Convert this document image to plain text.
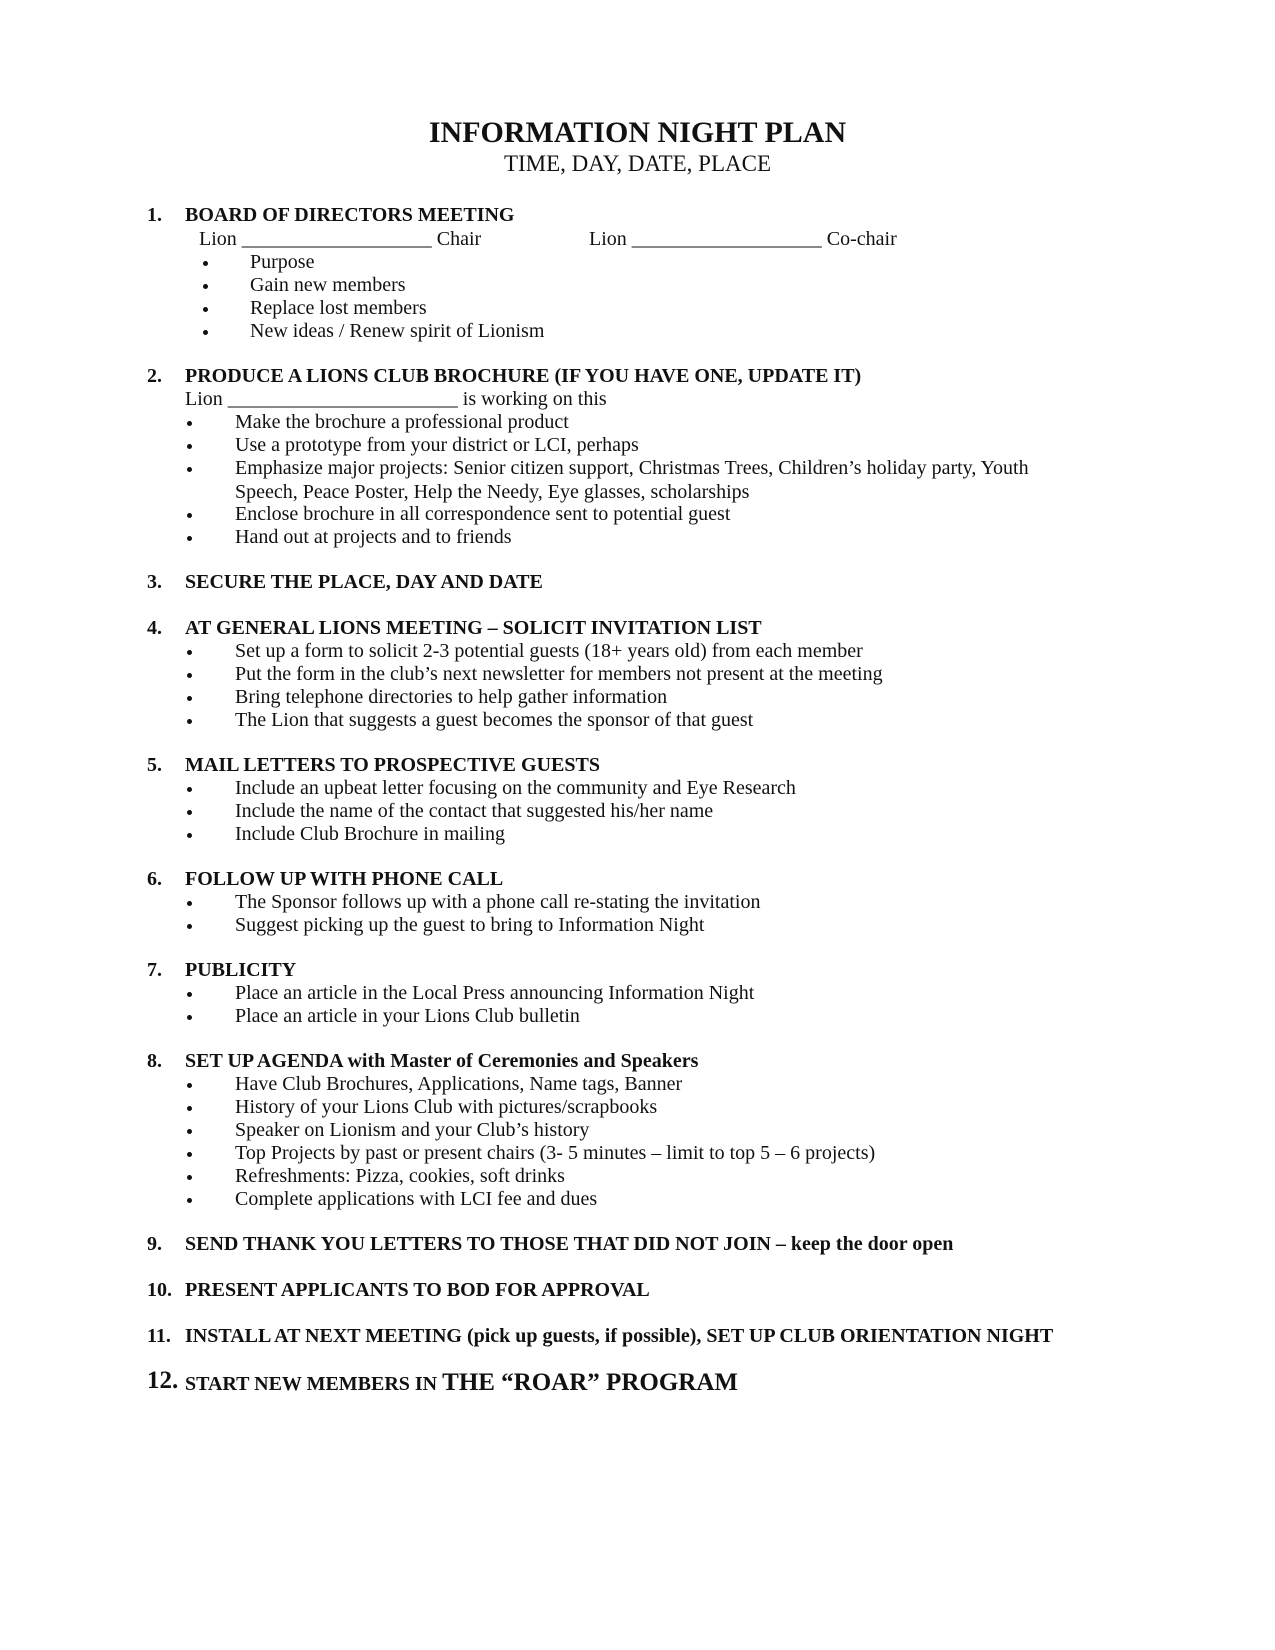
INFORMATION NIGHT PLAN
TIME, DAY, DATE, PLACE
1. BOARD OF DIRECTORS MEETING
Lion ___________________ Chair	Lion ___________________ Co-chair
Purpose
Gain new members
Replace lost members
New ideas / Renew spirit of Lionism
2. PRODUCE A LIONS CLUB BROCHURE (IF YOU HAVE ONE, UPDATE IT)
Lion _______________________ is working on this
Make the brochure a professional product
Use a prototype from your district or LCI, perhaps
Emphasize major projects: Senior citizen support, Christmas Trees, Children’s holiday party, Youth Speech, Peace Poster, Help the Needy, Eye glasses, scholarships
Enclose brochure in all correspondence sent to potential guest
Hand out at projects and to friends
3. SECURE THE PLACE, DAY AND DATE
4. AT GENERAL LIONS MEETING – SOLICIT INVITATION LIST
Set up a form to solicit 2-3 potential guests (18+ years old) from each member
Put the form in the club’s next newsletter for members not present at the meeting
Bring telephone directories to help gather information
The Lion that suggests a guest becomes the sponsor of that guest
5. MAIL LETTERS TO PROSPECTIVE GUESTS
Include an upbeat letter focusing on the community and Eye Research
Include the name of the contact that suggested his/her name
Include Club Brochure in mailing
6. FOLLOW UP WITH PHONE CALL
The Sponsor follows up with a phone call re-stating the invitation
Suggest picking up the guest to bring to Information Night
7. PUBLICITY
Place an article in the Local Press announcing Information Night
Place an article in your Lions Club bulletin
8. SET UP AGENDA with Master of Ceremonies and Speakers
Have Club Brochures, Applications, Name tags, Banner
History of your Lions Club with pictures/scrapbooks
Speaker on Lionism and your Club’s history
Top Projects by past or present chairs (3- 5 minutes – limit to top 5 – 6 projects)
Refreshments: Pizza, cookies, soft drinks
Complete applications with LCI fee and dues
9. SEND THANK YOU LETTERS TO THOSE THAT DID NOT JOIN – keep the door open
10. PRESENT APPLICANTS TO BOD FOR APPROVAL
11. INSTALL AT NEXT MEETING (pick up guests, if possible), SET UP CLUB ORIENTATION NIGHT
12. START NEW MEMBERS IN THE “ROAR” PROGRAM
